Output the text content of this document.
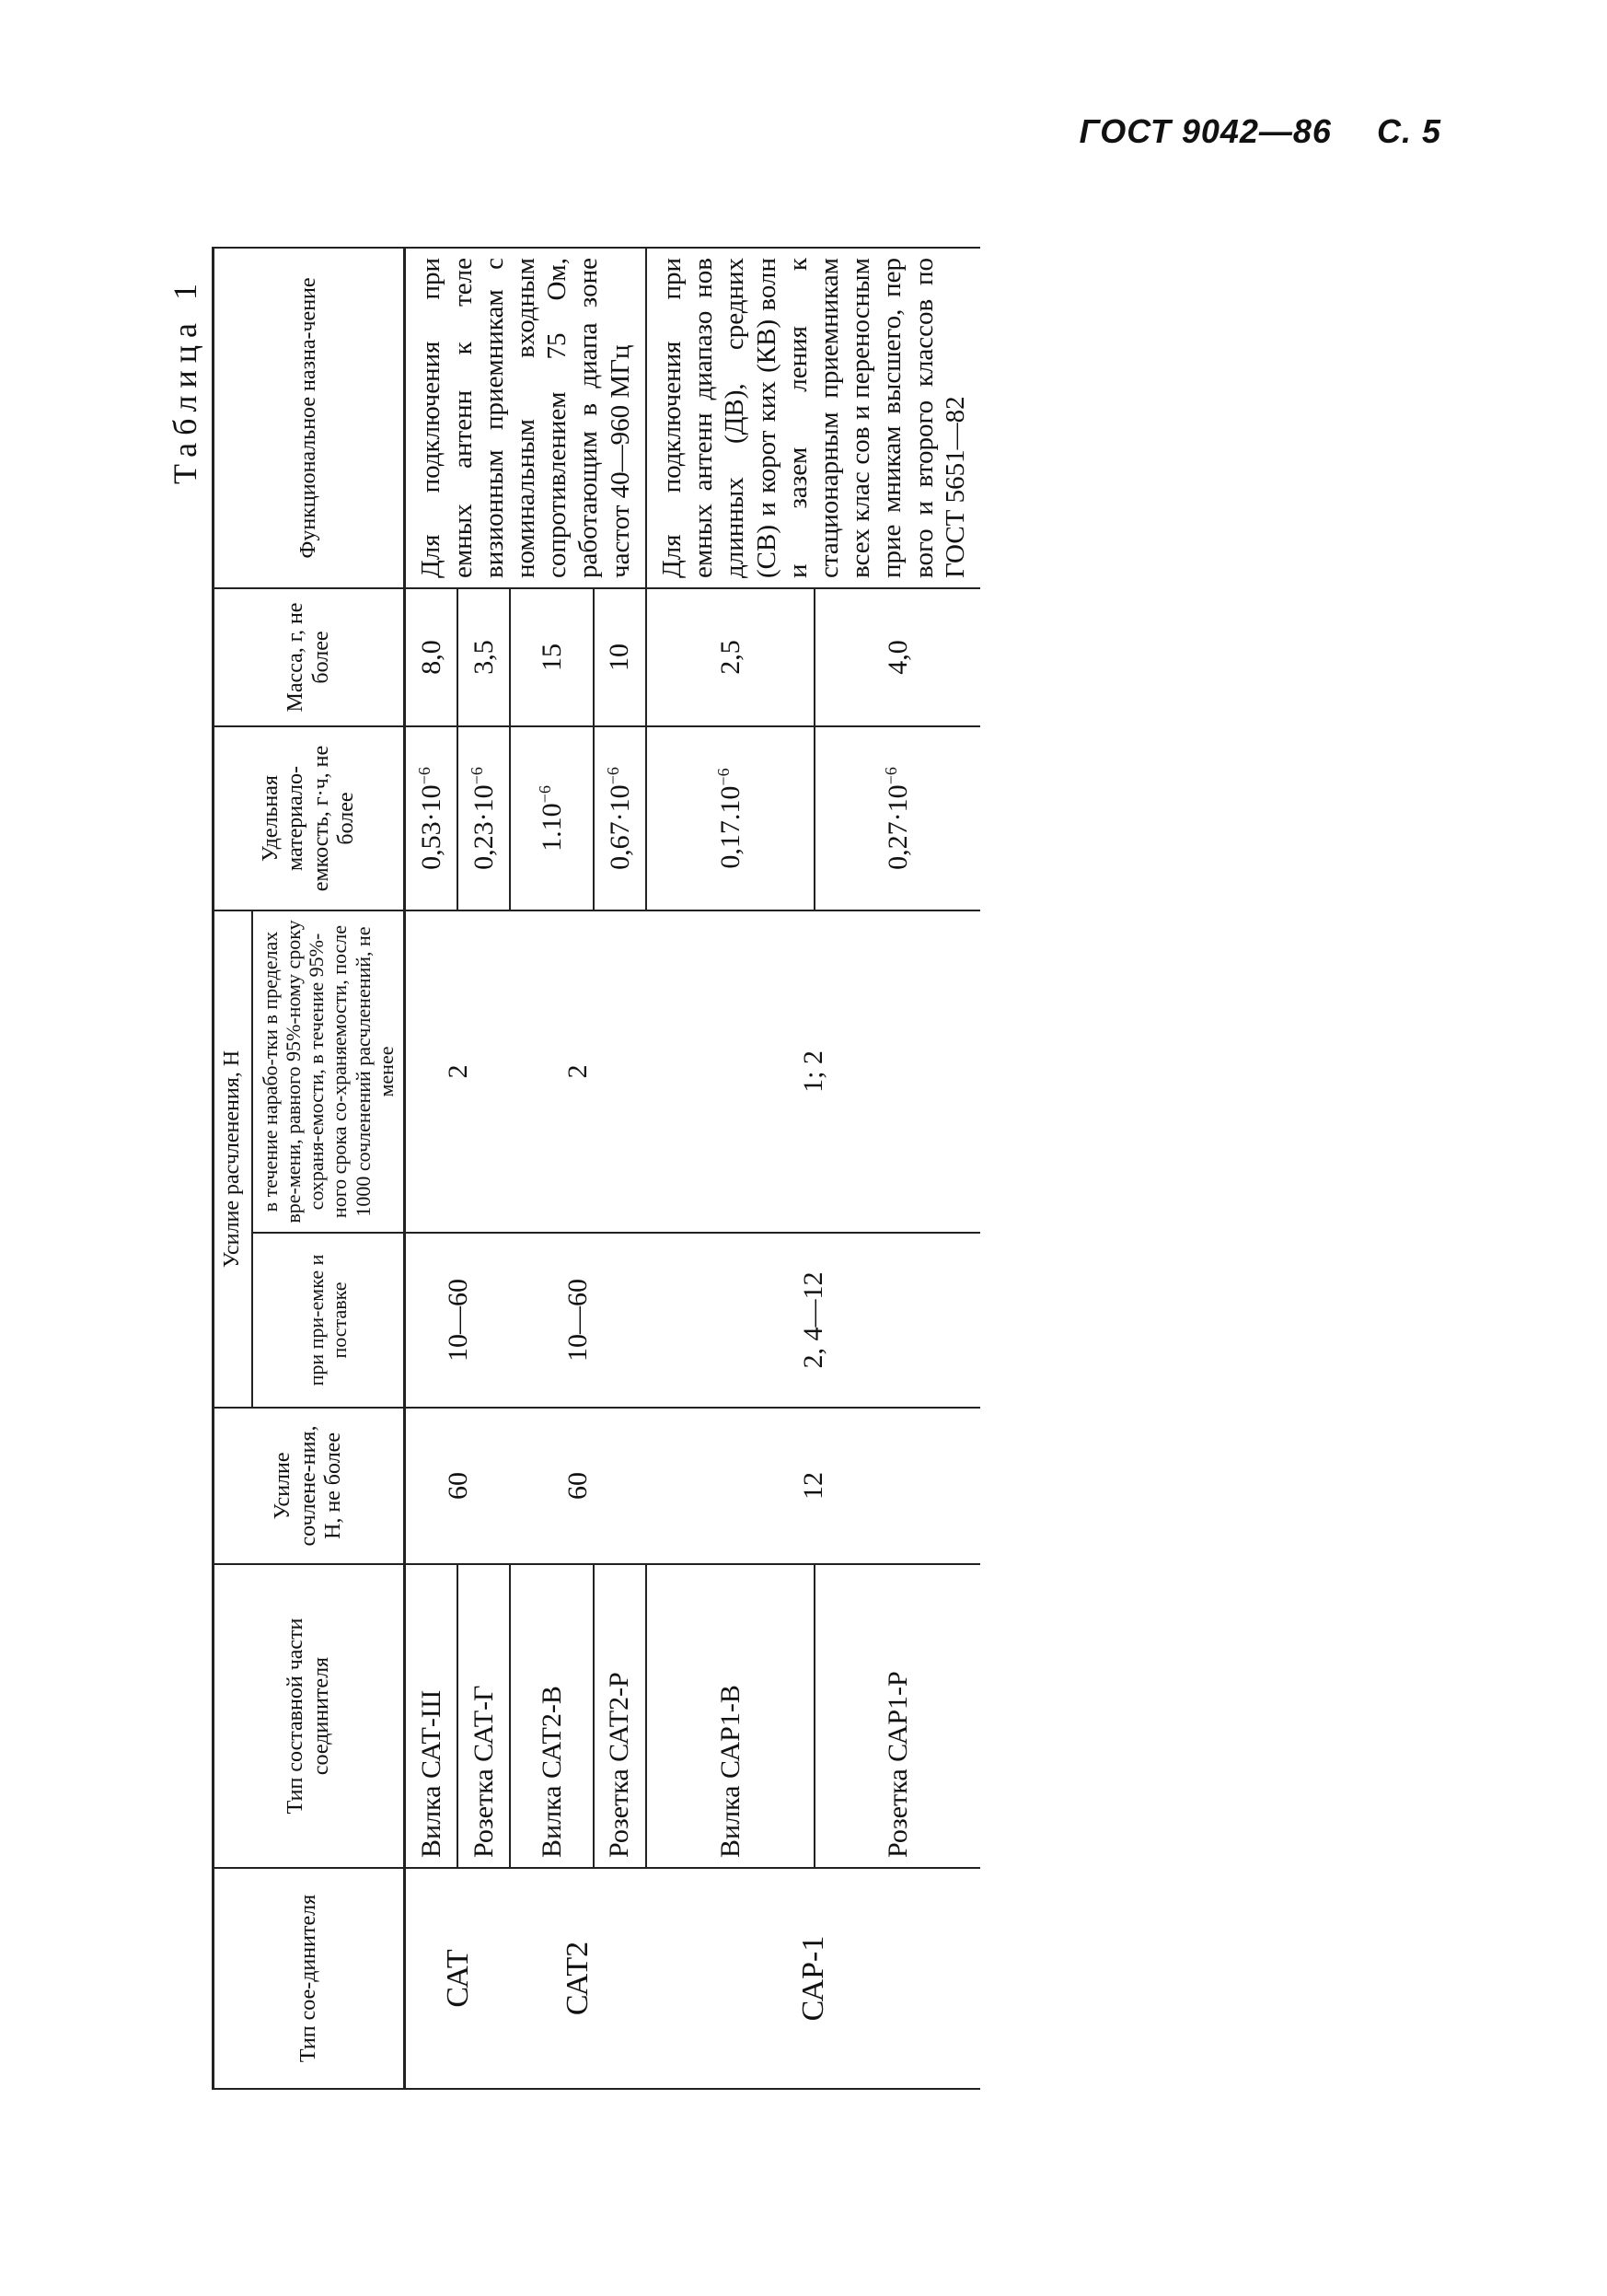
ГОСТ 9042—86 С. 5
Таблица 1
Тип сое-динителя	Тип составной части соединителя	Усилие сочлене-ния, Н, не более	Усилие расчленения, Н		Удельная материало-емкость, г·ч, не более	Масса, г, не более	Функциональное назна-чение
			при при-емке и поставке	в течение нарабо-тки в пределах вре-мени, равного 95%-ному сроку сохраня-емости, в течение 95%-ного срока со-храняемости, после 1000 сочленений расчленений, не менее			
САТ	Вилка САТ-Ш	60	10—60	2	$0,53\cdot 10^{-6}$	8,0	Для подключения при емных антенн к теле визионным приемникам с номинальным входным сопротивлением 75 Ом, работающим в диапа зоне частот 40—960 МГц
	Розетка САТ-Г				$0,23\cdot 10^{-6}$	3,5	
САТ2	Вилка САТ2-В	60	10—60	2	$1.10^{-6}$	15	
	Розетка САТ2-Р				$0,67\cdot 10^{-6}$	10	
САР-1	Вилка САР1-В	12	2, 4—12	1; 2	$0,17.10^{-6}$	2,5	Для подключения при емных антенн диапазо нов длинных (ДВ), средних (СВ) и корот ких (КВ) волн и зазем ления к стационарным приемникам всех клас сов и переносным прие мникам высшего, пер вого и второго классов по ГОСТ 5651—82
	Розетка САР1-Р				$0,27\cdot 10^{-6}$	4,0	
